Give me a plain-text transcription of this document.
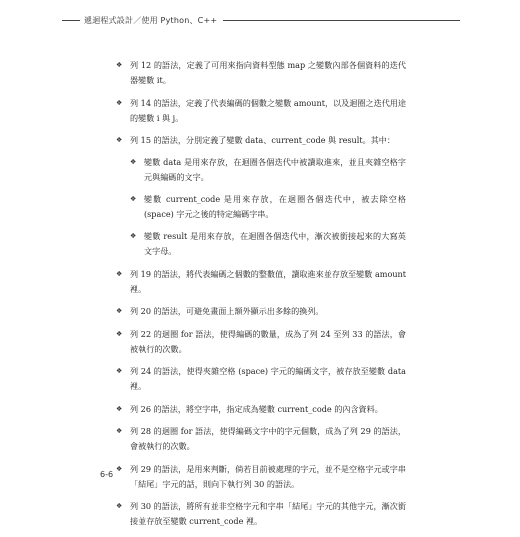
遞迴程式設計／使用 Python、C++
❖ 列 12 的語法，定義了可用來指向資料型態 map 之變數內部各個資料的迭代器變數 it。
❖ 列 14 的語法，定義了代表編碼的個數之變數 amount，以及迴圈之迭代用途的變數 i 與 j。
❖ 列 15 的語法，分別定義了變數 data、current_code 與 result。其中：
❖ 變數 data 是用來存放，在迴圈各個迭代中被讀取進來，並且夾雜空格字元與編碼的文字。
❖ 變數 current_code 是用來存放，在迴圈各個迭代中，被去除空格 (space) 字元之後的特定編碼字串。
❖ 變數 result 是用來存放，在迴圈各個迭代中，漸次被銜接起來的大寫英文字母。
❖ 列 19 的語法，將代表編碼之個數的整數值，讀取進來並存放至變數 amount 裡。
❖ 列 20 的語法，可避免畫面上額外顯示出多餘的換列。
❖ 列 22 的迴圈 for 語法，使得編碼的數量，成為了列 24 至列 33 的語法，會被執行的次數。
❖ 列 24 的語法，使得夾雜空格 (space) 字元的編碼文字，被存放至變數 data 裡。
❖ 列 26 的語法，將空字串，指定成為變數 current_code 的內含資料。
❖ 列 28 的迴圈 for 語法，使得編碼文字中的字元個數，成為了列 29 的語法，會被執行的次數。
❖ 列 29 的語法，是用來判斷，倘若目前被處理的字元，並不是空格字元或字串「結尾」字元的話，則向下執行列 30 的語法。
❖ 列 30 的語法，將所有並非空格字元和字串「結尾」字元的其他字元，漸次銜接並存放至變數 current_code 裡。
6-6
